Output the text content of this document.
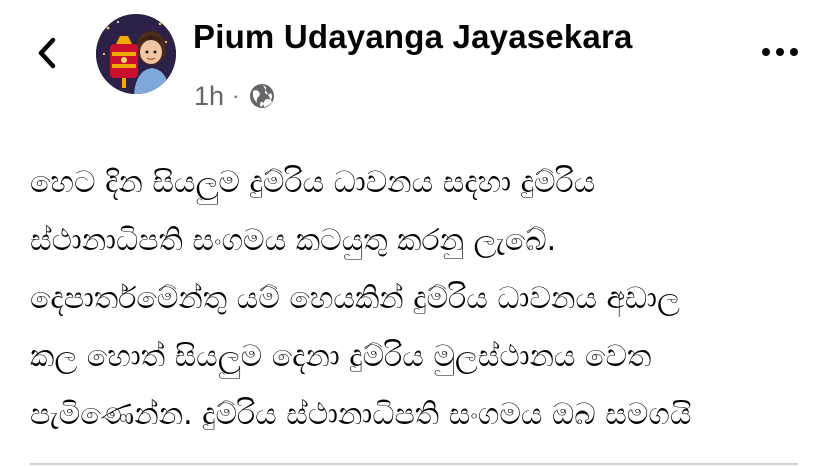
Pium Udayanga Jayasekara
1h ·
හෙට දින සියලුම දුම්රිය ධාවනය සදහා දුම්රිය
ස්ථානාධිපති සංගමය කටයුතු කරනු ලැබේ.
දෙපාර්තමේන්තු යම් හෙයකින් දුම්රිය ධාවනය අඩාල
කල හොත් සියලුම දෙනා දුම්රිය මුලස්ථානය වෙත
පැමිණෙන්න. දුම්රිය ස්ථානාධිපති සංගමය ඔබ සමගයි
